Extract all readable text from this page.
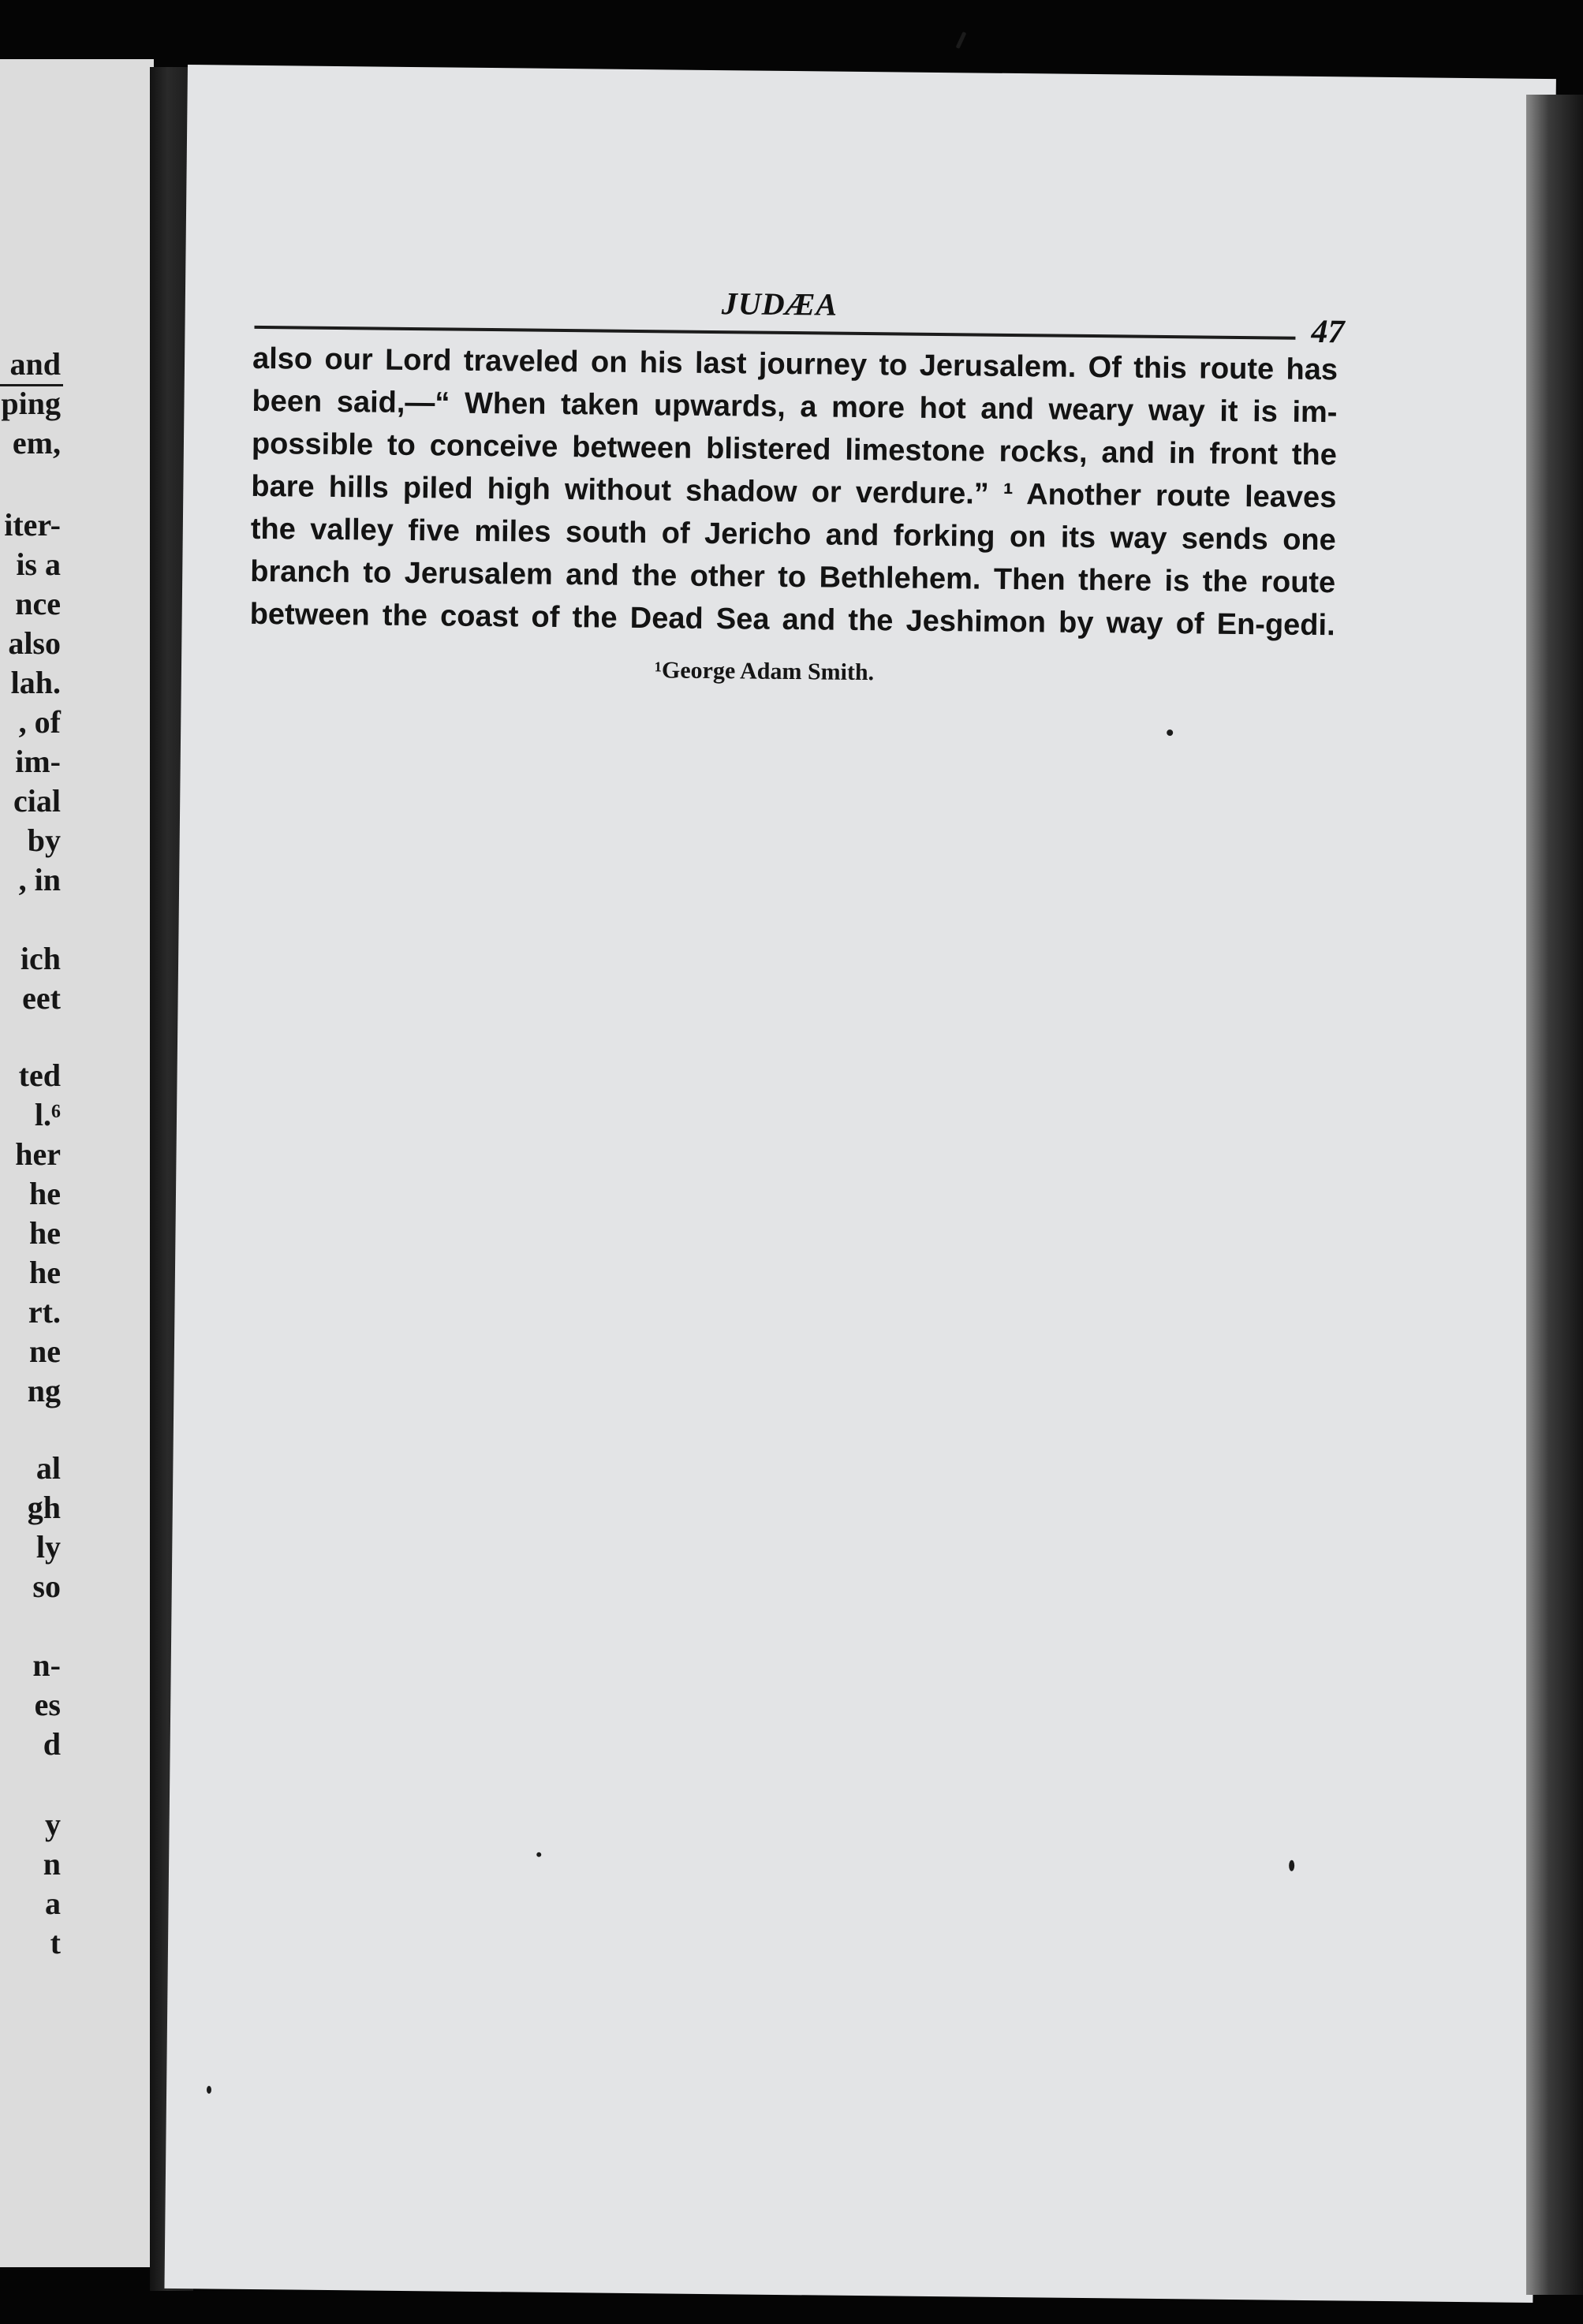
and
ping
em,
iter-
is a
nce
also
lah.
, of
im-
cial
by
, in
ich
eet
ted
l.⁶
her
he
he
he
rt.
ne
ng
al
gh
ly
so
n-
es
d
y
n
a
t
JUDÆA
47
also our Lord traveled on his last journey to Jerusalem. Of this route has
been said,—“ When taken upwards, a more hot and weary way it is im-
possible to conceive between blistered limestone rocks, and in front the
bare hills piled high without shadow or verdure.” ¹ Another route leaves
the valley five miles south of Jericho and forking on its way sends one
branch to Jerusalem and the other to Bethlehem. Then there is the route
between the coast of the Dead Sea and the Jeshimon by way of En-gedi.
¹George Adam Smith.
